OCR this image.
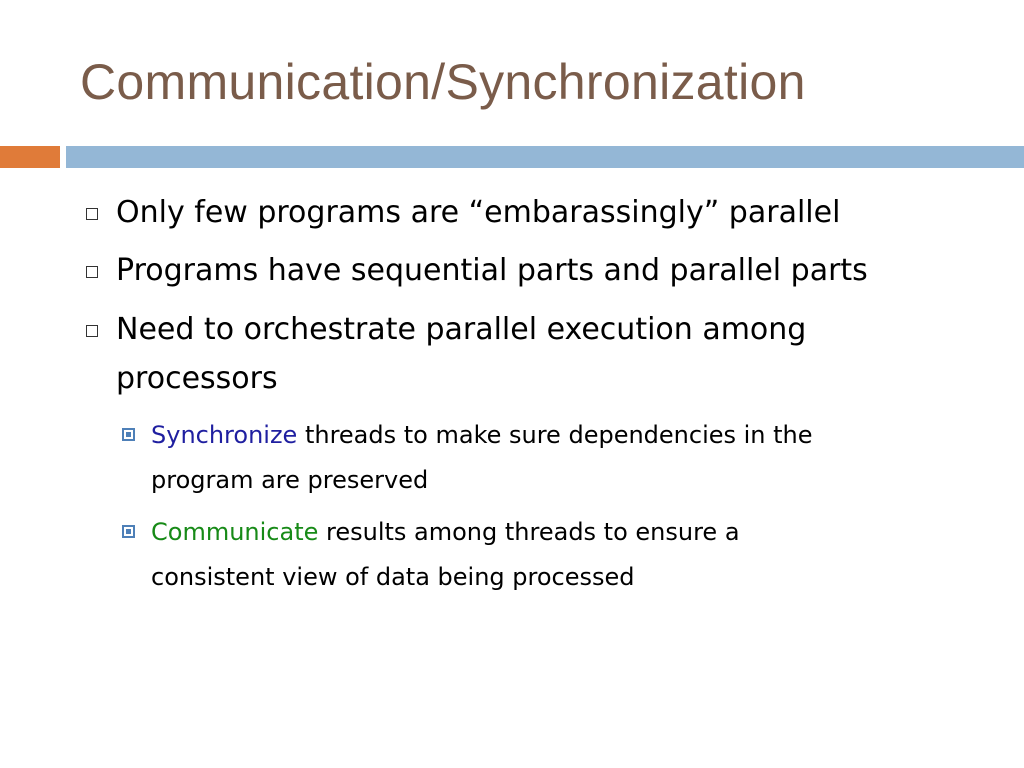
Communication/Synchronization
Only few programs are “embarassingly” parallel
Programs have sequential parts and parallel parts
Need to orchestrate parallel execution among
processors
Synchronize threads to make sure dependencies in the
program are preserved
Communicate results among threads to ensure a
consistent view of data being processed
